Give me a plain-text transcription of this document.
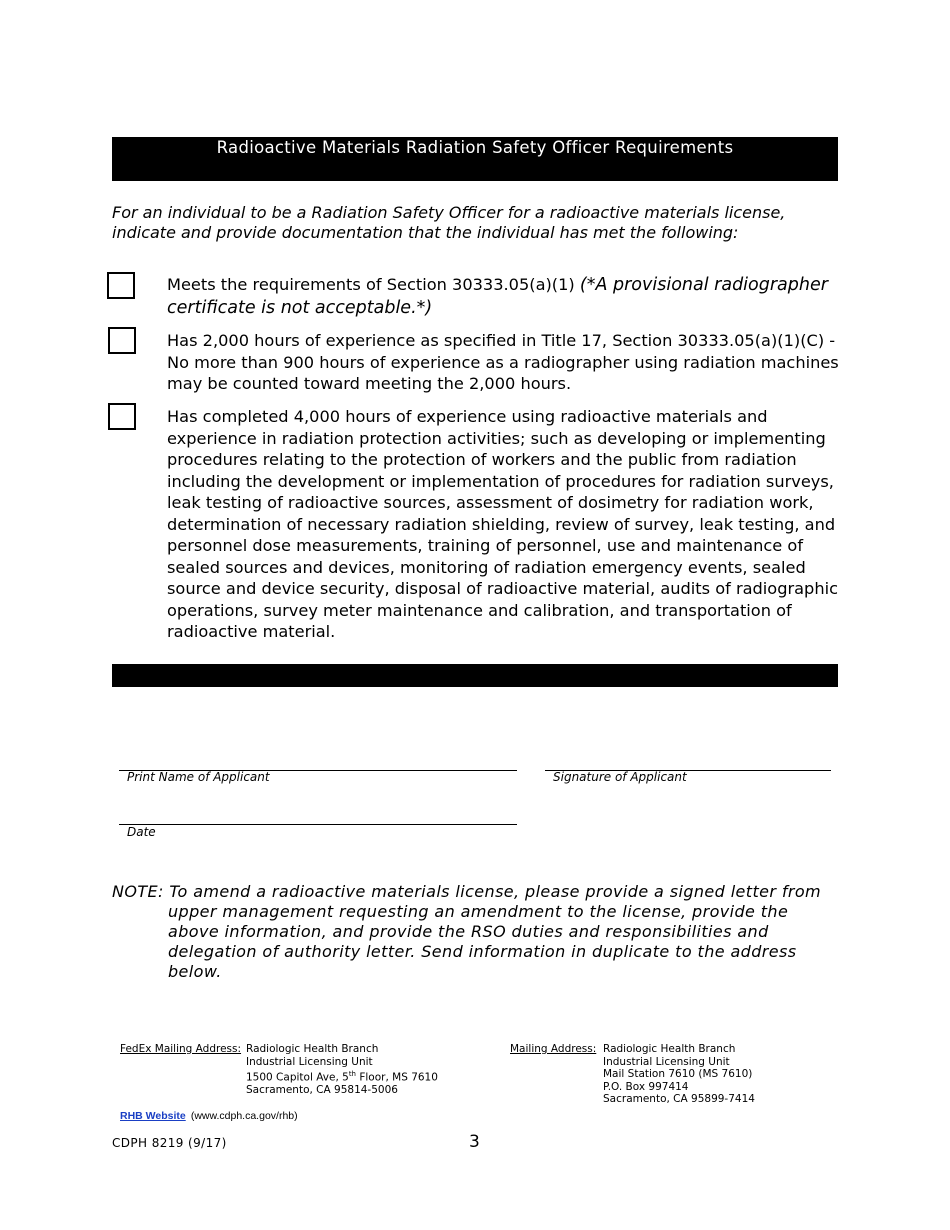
Radioactive Materials Radiation Safety Officer Requirements
For an individual to be a Radiation Safety Officer for a radioactive materials license, indicate and provide documentation that the individual has met the following:
Meets the requirements of Section 30333.05(a)(1) (*A provisional radiographer certificate is not acceptable.*)
Has 2,000 hours of experience as specified in Title 17, Section 30333.05(a)(1)(C) - No more than 900 hours of experience as a radiographer using radiation machines may be counted toward meeting the 2,000 hours.
Has completed 4,000 hours of experience using radioactive materials and experience in radiation protection activities; such as developing or implementing procedures relating to the protection of workers and the public from radiation including the development or implementation of procedures for radiation surveys, leak testing of radioactive sources, assessment of dosimetry for radiation work, determination of necessary radiation shielding, review of survey, leak testing, and personnel dose measurements, training of personnel, use and maintenance of sealed sources and devices, monitoring of radiation emergency events, sealed source and device security, disposal of radioactive material, audits of radiographic operations, survey meter maintenance and calibration, and transportation of radioactive material.
Print Name of Applicant	Signature of Applicant
Date
NOTE: To amend a radioactive materials license, please provide a signed letter from
upper management requesting an amendment to the license, provide the above information, and provide the RSO duties and responsibilities and delegation of authority letter. Send information in duplicate to the address below.
FedEx Mailing Address: Radiologic Health Branch
Industrial Licensing Unit
1500 Capitol Ave, 5th Floor, MS 7610
Sacramento, CA 95814-5006
Mailing Address: Radiologic Health Branch
Industrial Licensing Unit
Mail Station 7610 (MS 7610)
P.O. Box 997414
Sacramento, CA 95899-7414
RHB Website (www.cdph.ca.gov/rhb)
CDPH 8219 (9/17)	3
